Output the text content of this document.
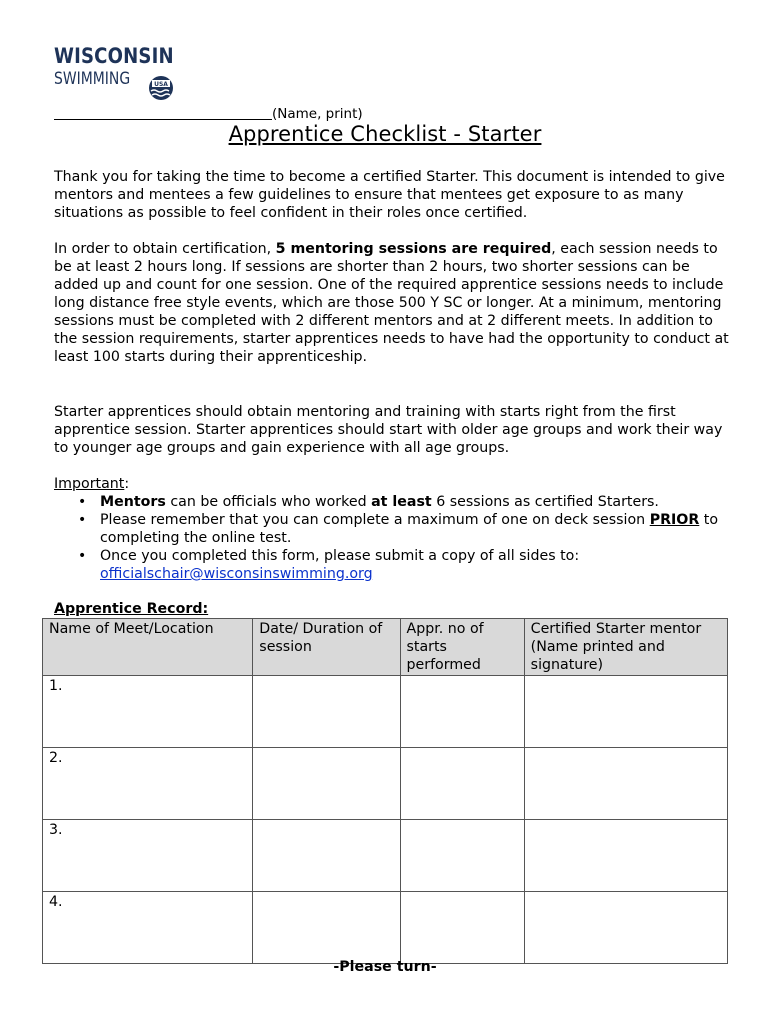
WISCONSIN
SWIMMING	USA
(Name, print)
Apprentice Checklist - Starter
Thank you for taking the time to become a certified Starter. This document is intended to give mentors and mentees a few guidelines to ensure that mentees get exposure to as many situations as possible to feel confident in their roles once certified.
In order to obtain certification, 5 mentoring sessions are required, each session needs to be at least 2 hours long. If sessions are shorter than 2 hours, two shorter sessions can be added up and count for one session. One of the required apprentice sessions needs to include long distance free style events, which are those 500 Y SC or longer. At a minimum, mentoring sessions must be completed with 2 different mentors and at 2 different meets. In addition to the session requirements, starter apprentices needs to have had the opportunity to conduct at least 100 starts during their apprenticeship.
Starter apprentices should obtain mentoring and training with starts right from the first apprentice session. Starter apprentices should start with older age groups and work their way to younger age groups and gain experience with all age groups.
Important:
• Mentors can be officials who worked at least 6 sessions as certified Starters.
• Please remember that you can complete a maximum of one on deck session PRIOR to completing the online test.
• Once you completed this form, please submit a copy of all sides to:
officialschair@wisconsinswimming.org
Apprentice Record:
Name of Meet/Location	Date/ Duration of session	Appr. no of starts performed	Certified Starter mentor (Name printed and signature)
1.			
2.			
3.			
4.			
-Please turn-
